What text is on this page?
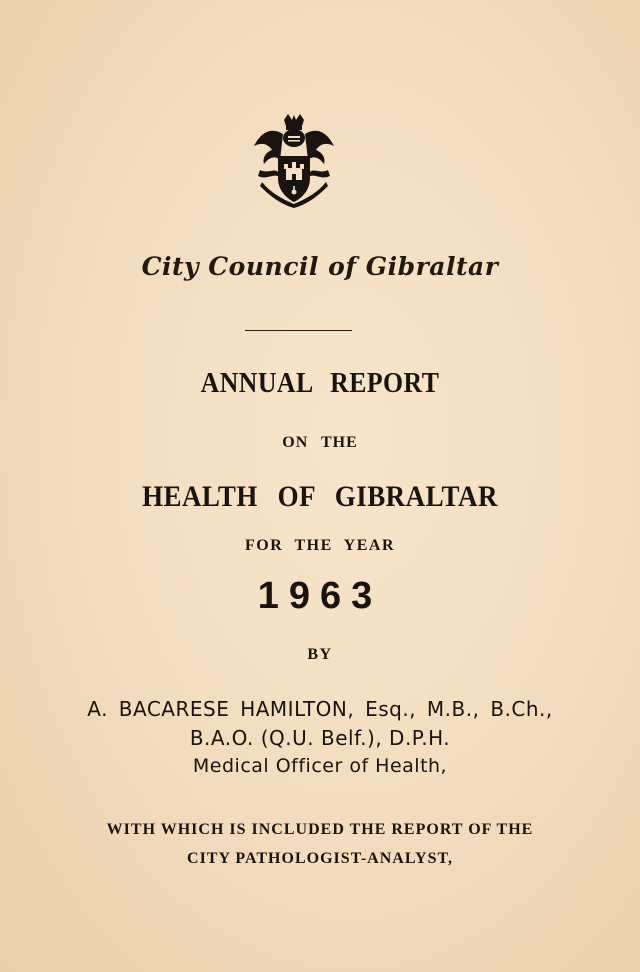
City Council of Gibraltar
ANNUAL REPORT
ON THE
HEALTH OF GIBRALTAR
FOR THE YEAR
1963
BY
A. BACARESE HAMILTON, Esq., M.B., B.Ch.,
B.A.O. (Q.U. Belf.), D.P.H.
Medical Officer of Health,
WITH WHICH IS INCLUDED THE REPORT OF THE
CITY PATHOLOGIST-ANALYST,
